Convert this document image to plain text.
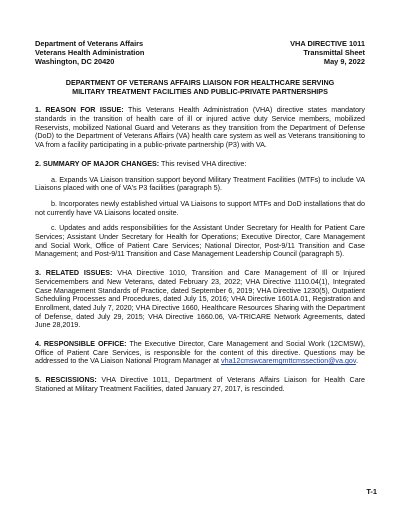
Department of Veterans Affairs
Veterans Health Administration
Washington, DC 20420
VHA DIRECTIVE 1011
Transmittal Sheet
May 9, 2022
DEPARTMENT OF VETERANS AFFAIRS LIAISON FOR HEALTHCARE SERVING
MILITARY TREATMENT FACILITIES AND PUBLIC-PRIVATE PARTNERSHIPS
1. REASON FOR ISSUE: This Veterans Health Administration (VHA) directive states mandatory standards in the transition of health care of ill or injured active duty Service members, mobilized Reservists, mobilized National Guard and Veterans as they transition from the Department of Defense (DoD) to the Department of Veterans Affairs (VA) health care system as well as Veterans transitioning to VA from a facility participating in a public-private partnership (P3) with VA.
2. SUMMARY OF MAJOR CHANGES: This revised VHA directive:
a. Expands VA Liaison transition support beyond Military Treatment Facilities (MTFs) to include VA Liaisons placed with one of VA's P3 facilities (paragraph 5).
b. Incorporates newly established virtual VA Liaisons to support MTFs and DoD installations that do not currently have VA Liaisons located onsite.
c. Updates and adds responsibilities for the Assistant Under Secretary for Health for Patient Care Services; Assistant Under Secretary for Health for Operations; Executive Director, Care Management and Social Work, Office of Patient Care Services; National Director, Post-9/11 Transition and Case Management; and Post-9/11 Transition and Case Management Leadership Council (paragraph 5).
3. RELATED ISSUES: VHA Directive 1010, Transition and Care Management of Ill or Injured Servicemembers and New Veterans, dated February 23, 2022; VHA Directive 1110.04(1), Integrated Case Management Standards of Practice, dated September 6, 2019; VHA Directive 1230(5), Outpatient Scheduling Processes and Procedures, dated July 15, 2016; VHA Directive 1601A.01, Registration and Enrollment, dated July 7, 2020; VHA Directive 1660, Healthcare Resources Sharing with the Department of Defense, dated July 29, 2015; VHA Directive 1660.06, VA-TRICARE Network Agreements, dated June 28,2019.
4. RESPONSIBLE OFFICE: The Executive Director, Care Management and Social Work (12CMSW), Office of Patient Care Services, is responsible for the content of this directive. Questions may be addressed to the VA Liaison National Program Manager at vha12cmswcaremgmttcmssection@va.gov.
5. RESCISSIONS: VHA Directive 1011, Department of Veterans Affairs Liaison for Health Care Stationed at Military Treatment Facilities, dated January 27, 2017, is rescinded.
T-1
